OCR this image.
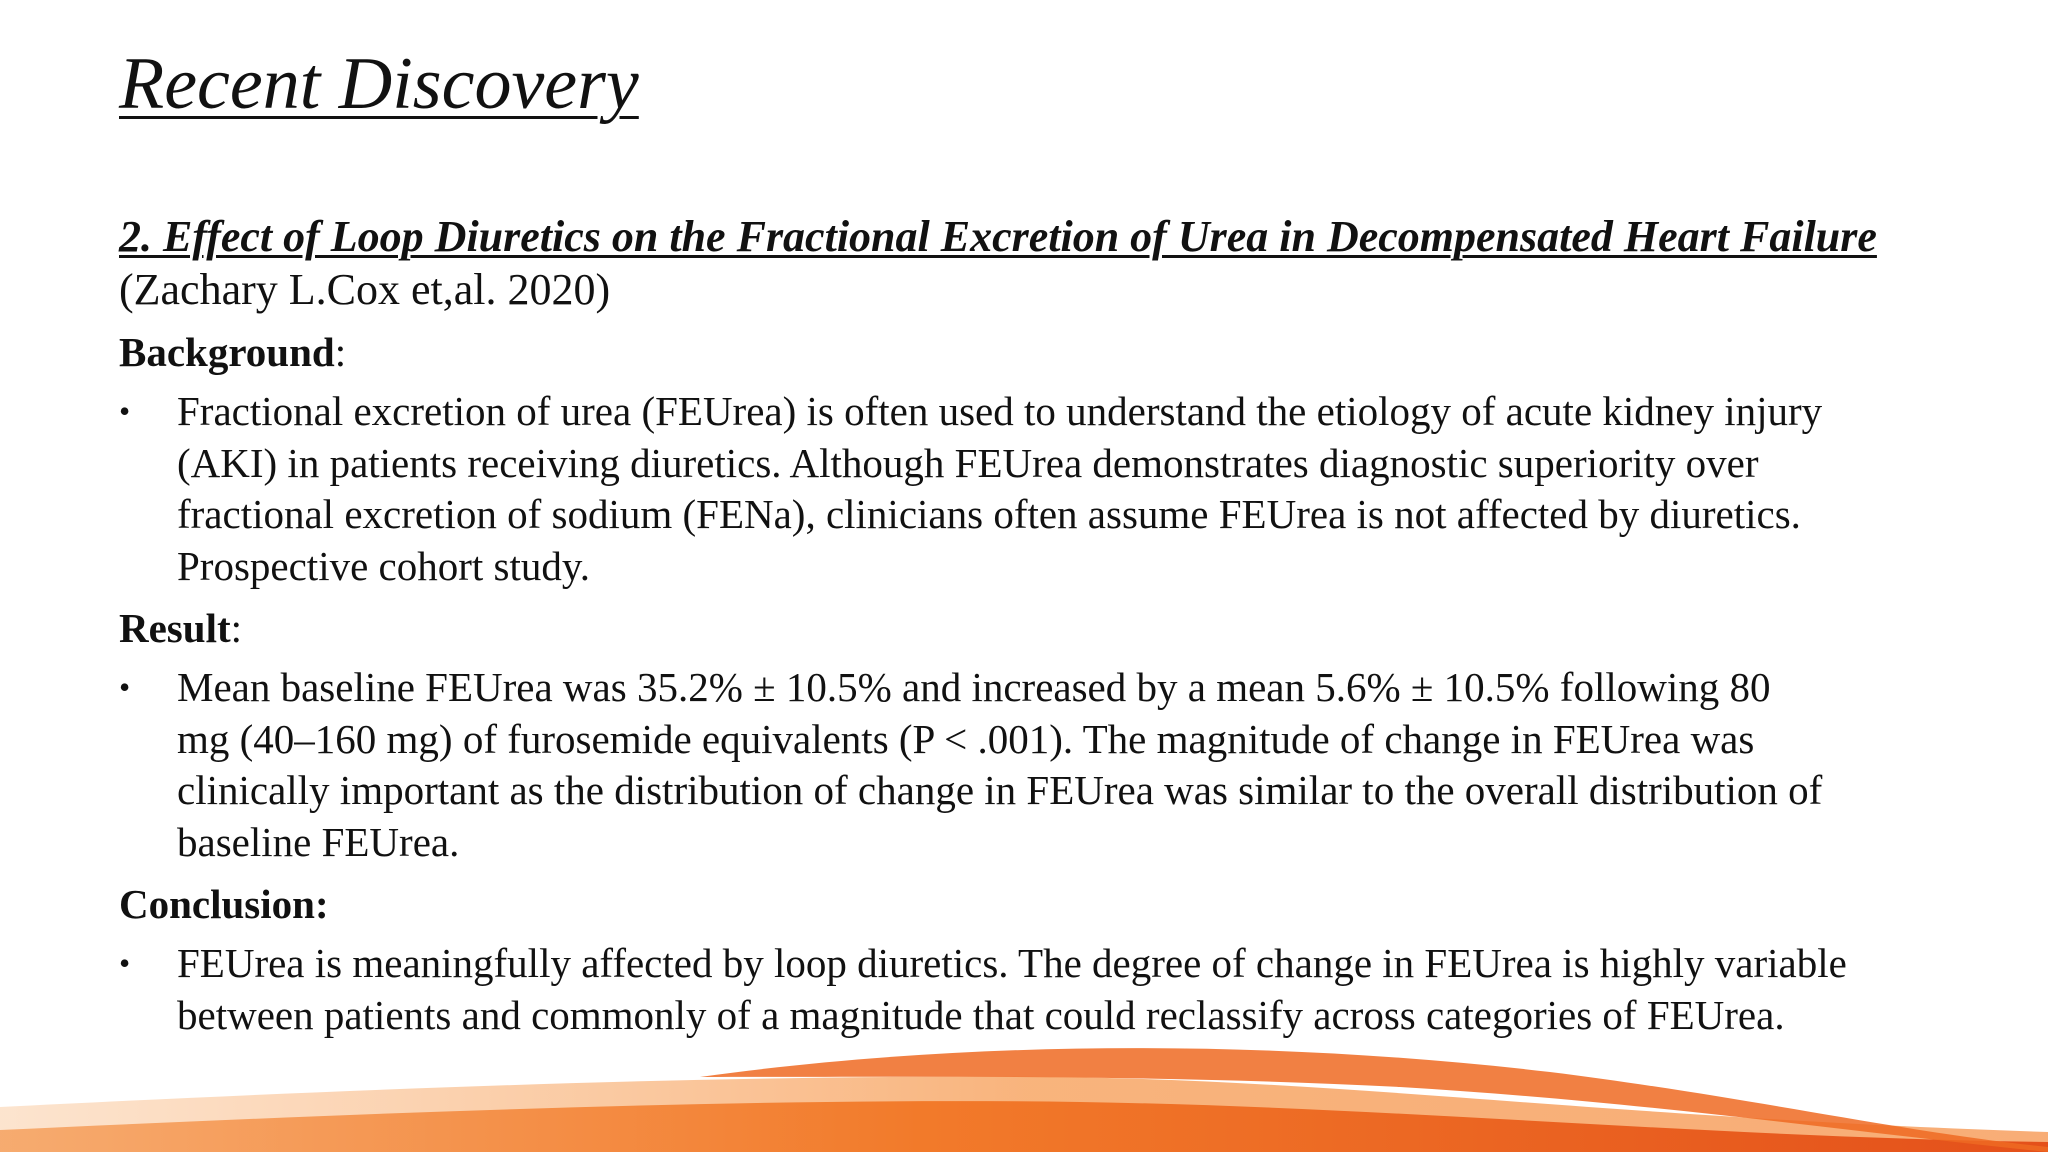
Recent Discovery

2. Effect of Loop Diuretics on the Fractional Excretion of Urea in Decompensated Heart Failure (Zachary L.Cox et,al. 2020)

Background:

•	Fractional excretion of urea (FEUrea) is often used to understand the etiology of acute kidney injury
(AKI) in patients receiving diuretics. Although FEUrea demonstrates diagnostic superiority over
fractional excretion of sodium (FENa), clinicians often assume FEUrea is not affected by diuretics.
Prospective cohort study.

Result:

•	Mean baseline FEUrea was 35.2% ± 10.5% and increased by a mean 5.6% ± 10.5% following 80
mg (40–160 mg) of furosemide equivalents (P < .001). The magnitude of change in FEUrea was
clinically important as the distribution of change in FEUrea was similar to the overall distribution of
baseline FEUrea.

Conclusion:

•	FEUrea is meaningfully affected by loop diuretics. The degree of change in FEUrea is highly variable
between patients and commonly of a magnitude that could reclassify across categories of FEUrea.
